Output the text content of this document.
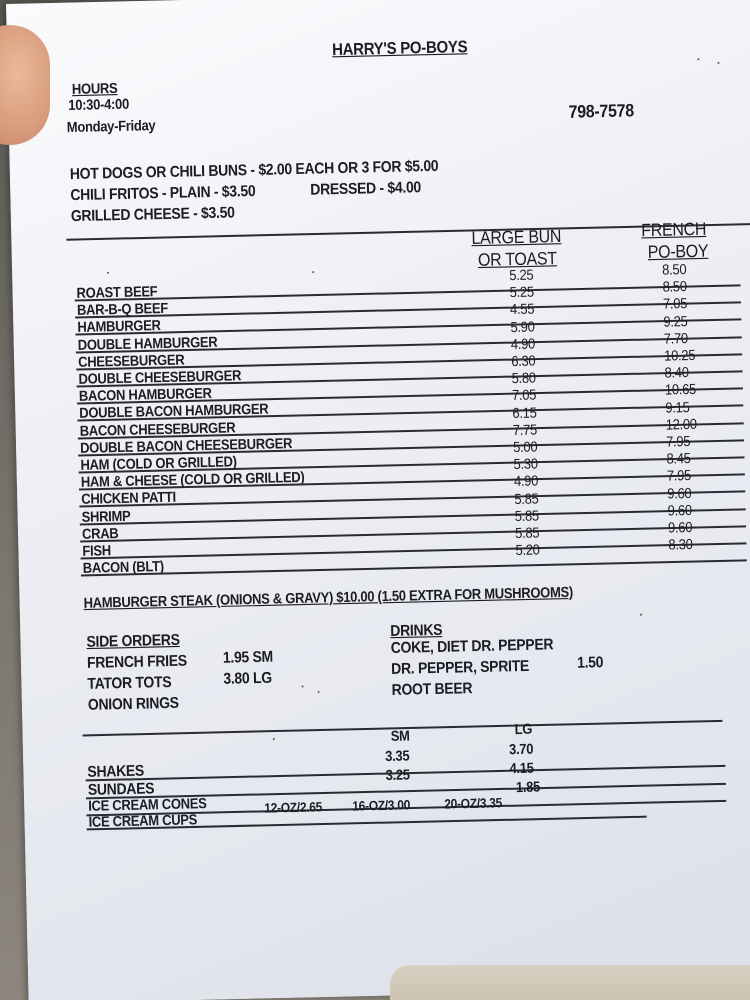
HARRY'S PO-BOYS
HOURS
10:30-4:00
Monday-Friday
798-7578
HOT DOGS OR CHILI BUNS - $2.00 EACH OR 3 FOR $5.00
CHILI FRITOS - PLAIN - $3.50	DRESSED - $4.00
GRILLED CHEESE - $3.50
LARGE BUN
OR TOAST
FRENCH
PO-BOY
ROAST BEEF
5.25	8.50
BAR-B-Q BEEF
5.25	8.50
HAMBURGER
4.55	7.05
DOUBLE HAMBURGER
5.90	9.25
CHEESEBURGER
4.90	7.70
DOUBLE CHEESEBURGER
6.30	10.25
BACON HAMBURGER
5.80	8.40
DOUBLE BACON HAMBURGER
7.05	10.65
BACON CHEESEBURGER
6.15	9.15
DOUBLE BACON CHEESEBURGER
7.75	12.00
HAM (COLD OR GRILLED)
5.00	7.95
HAM & CHEESE (COLD OR GRILLED)
5.30	8.45
CHICKEN PATTI
4.90	7.95
SHRIMP
5.85	9.60
CRAB
5.85	9.60
FISH
5.85	9.60
BACON (BLT)
5.20	8.30
HAMBURGER STEAK (ONIONS & GRAVY) $10.00 (1.50 EXTRA FOR MUSHROOMS)
SIDE ORDERS
FRENCH FRIES	1.95 SM
TATOR TOTS	3.80 LG
ONION RINGS
DRINKS
COKE, DIET DR. PEPPER
DR. PEPPER, SPRITE	1.50
ROOT BEER
SM	LG
SHAKES
3.35	3.70
SUNDAES
3.25	4.15
ICE CREAM CONES
1.85
ICE CREAM CUPS
12-OZ/2.65 16-OZ/3.00	20-OZ/3.35
